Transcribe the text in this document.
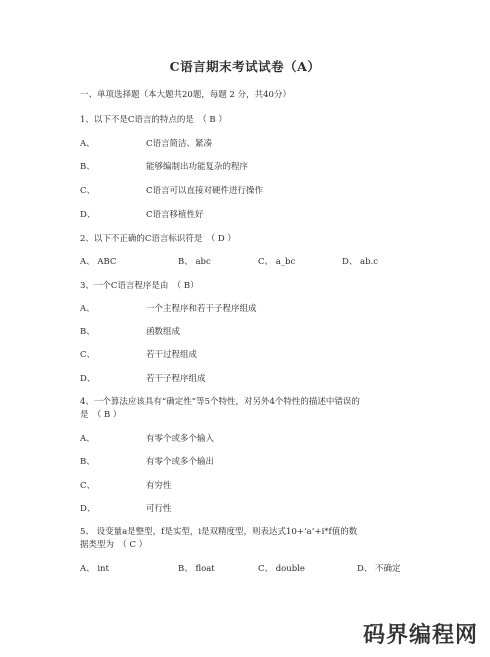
C语言期末考试试卷（A）
一、单项选择题（本大题共20题，每题 2 分，共40分）
1、以下不是C语言的特点的是　（ B ）
A、	C语言简洁、紧凑
B、	能够编制出功能复杂的程序
C、	C语言可以直接对硬件进行操作
D、	C语言移植性好
2、以下不正确的C语言标识符是　（ D ）
A、 ABC	B、 abc	C、 a_bc	D、 ab.c
3、一个C语言程序是由　（ B）
A、	一个主程序和若干子程序组成
B、	函数组成
C、	若干过程组成
D、	若干子程序组成
4、一个算法应该具有“确定性”等5个特性，对另外4个特性的描述中错误的
是　（ B ）
A、	有零个或多个输入
B、	有零个或多个输出
C、	有穷性
D、	可行性
5、 设变量a是整型，f是实型，i是双精度型，则表达式10+‘a’+i*f值的数
据类型为　（ C ）
A、 int	B、 float	C、 double	D、 不确定
码界编程网
